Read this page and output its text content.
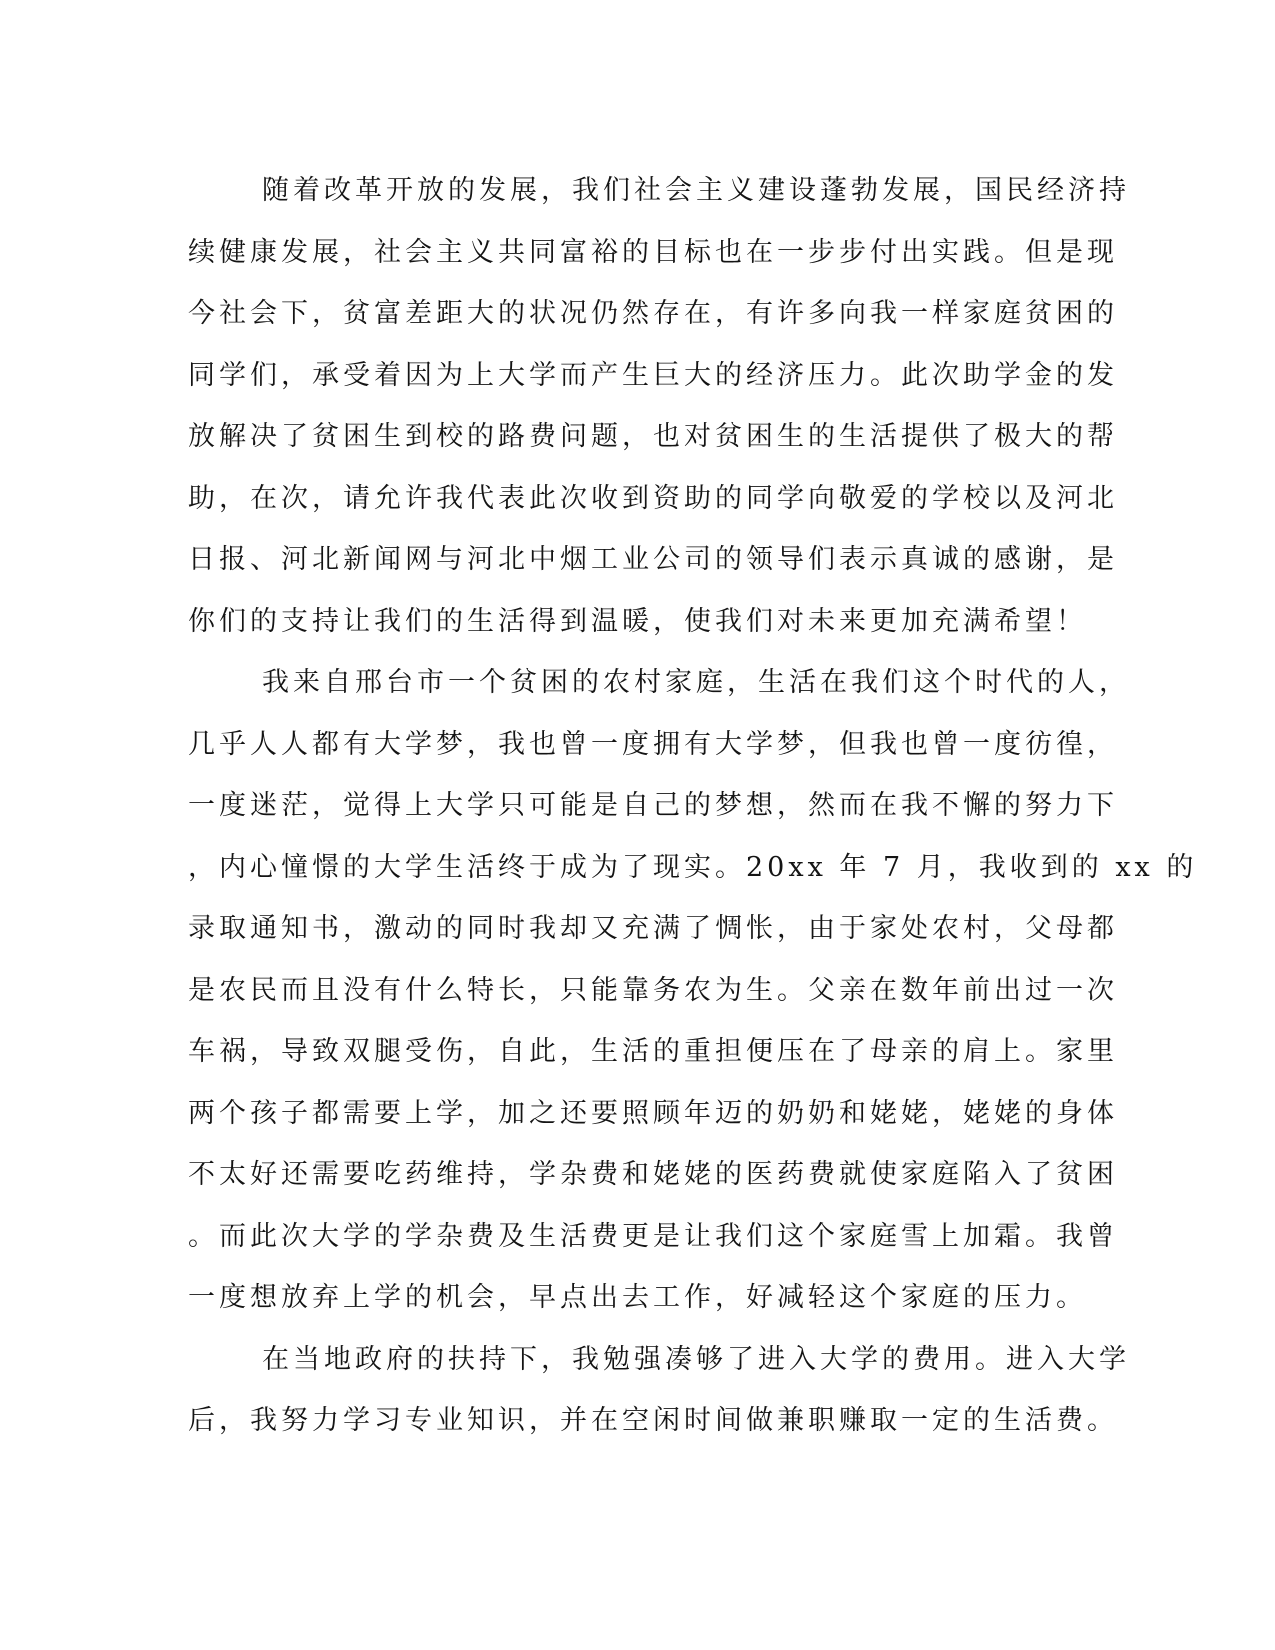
随着改革开放的发展，我们社会主义建设蓬勃发展，国民经济持
续健康发展，社会主义共同富裕的目标也在一步步付出实践。但是现
今社会下，贫富差距大的状况仍然存在，有许多向我一样家庭贫困的
同学们，承受着因为上大学而产生巨大的经济压力。此次助学金的发
放解决了贫困生到校的路费问题，也对贫困生的生活提供了极大的帮
助，在次，请允许我代表此次收到资助的同学向敬爱的学校以及河北
日报、河北新闻网与河北中烟工业公司的领导们表示真诚的感谢，是
你们的支持让我们的生活得到温暖，使我们对未来更加充满希望！
我来自邢台市一个贫困的农村家庭，生活在我们这个时代的人，
几乎人人都有大学梦，我也曾一度拥有大学梦，但我也曾一度彷徨，
一度迷茫，觉得上大学只可能是自己的梦想，然而在我不懈的努力下
，内心憧憬的大学生活终于成为了现实。20xx 年 7 月，我收到的 xx 的
录取通知书，激动的同时我却又充满了惆怅，由于家处农村，父母都
是农民而且没有什么特长，只能靠务农为生。父亲在数年前出过一次
车祸，导致双腿受伤，自此，生活的重担便压在了母亲的肩上。家里
两个孩子都需要上学，加之还要照顾年迈的奶奶和姥姥，姥姥的身体
不太好还需要吃药维持，学杂费和姥姥的医药费就使家庭陷入了贫困
。而此次大学的学杂费及生活费更是让我们这个家庭雪上加霜。我曾
一度想放弃上学的机会，早点出去工作，好减轻这个家庭的压力。
在当地政府的扶持下，我勉强凑够了进入大学的费用。进入大学
后，我努力学习专业知识，并在空闲时间做兼职赚取一定的生活费。
